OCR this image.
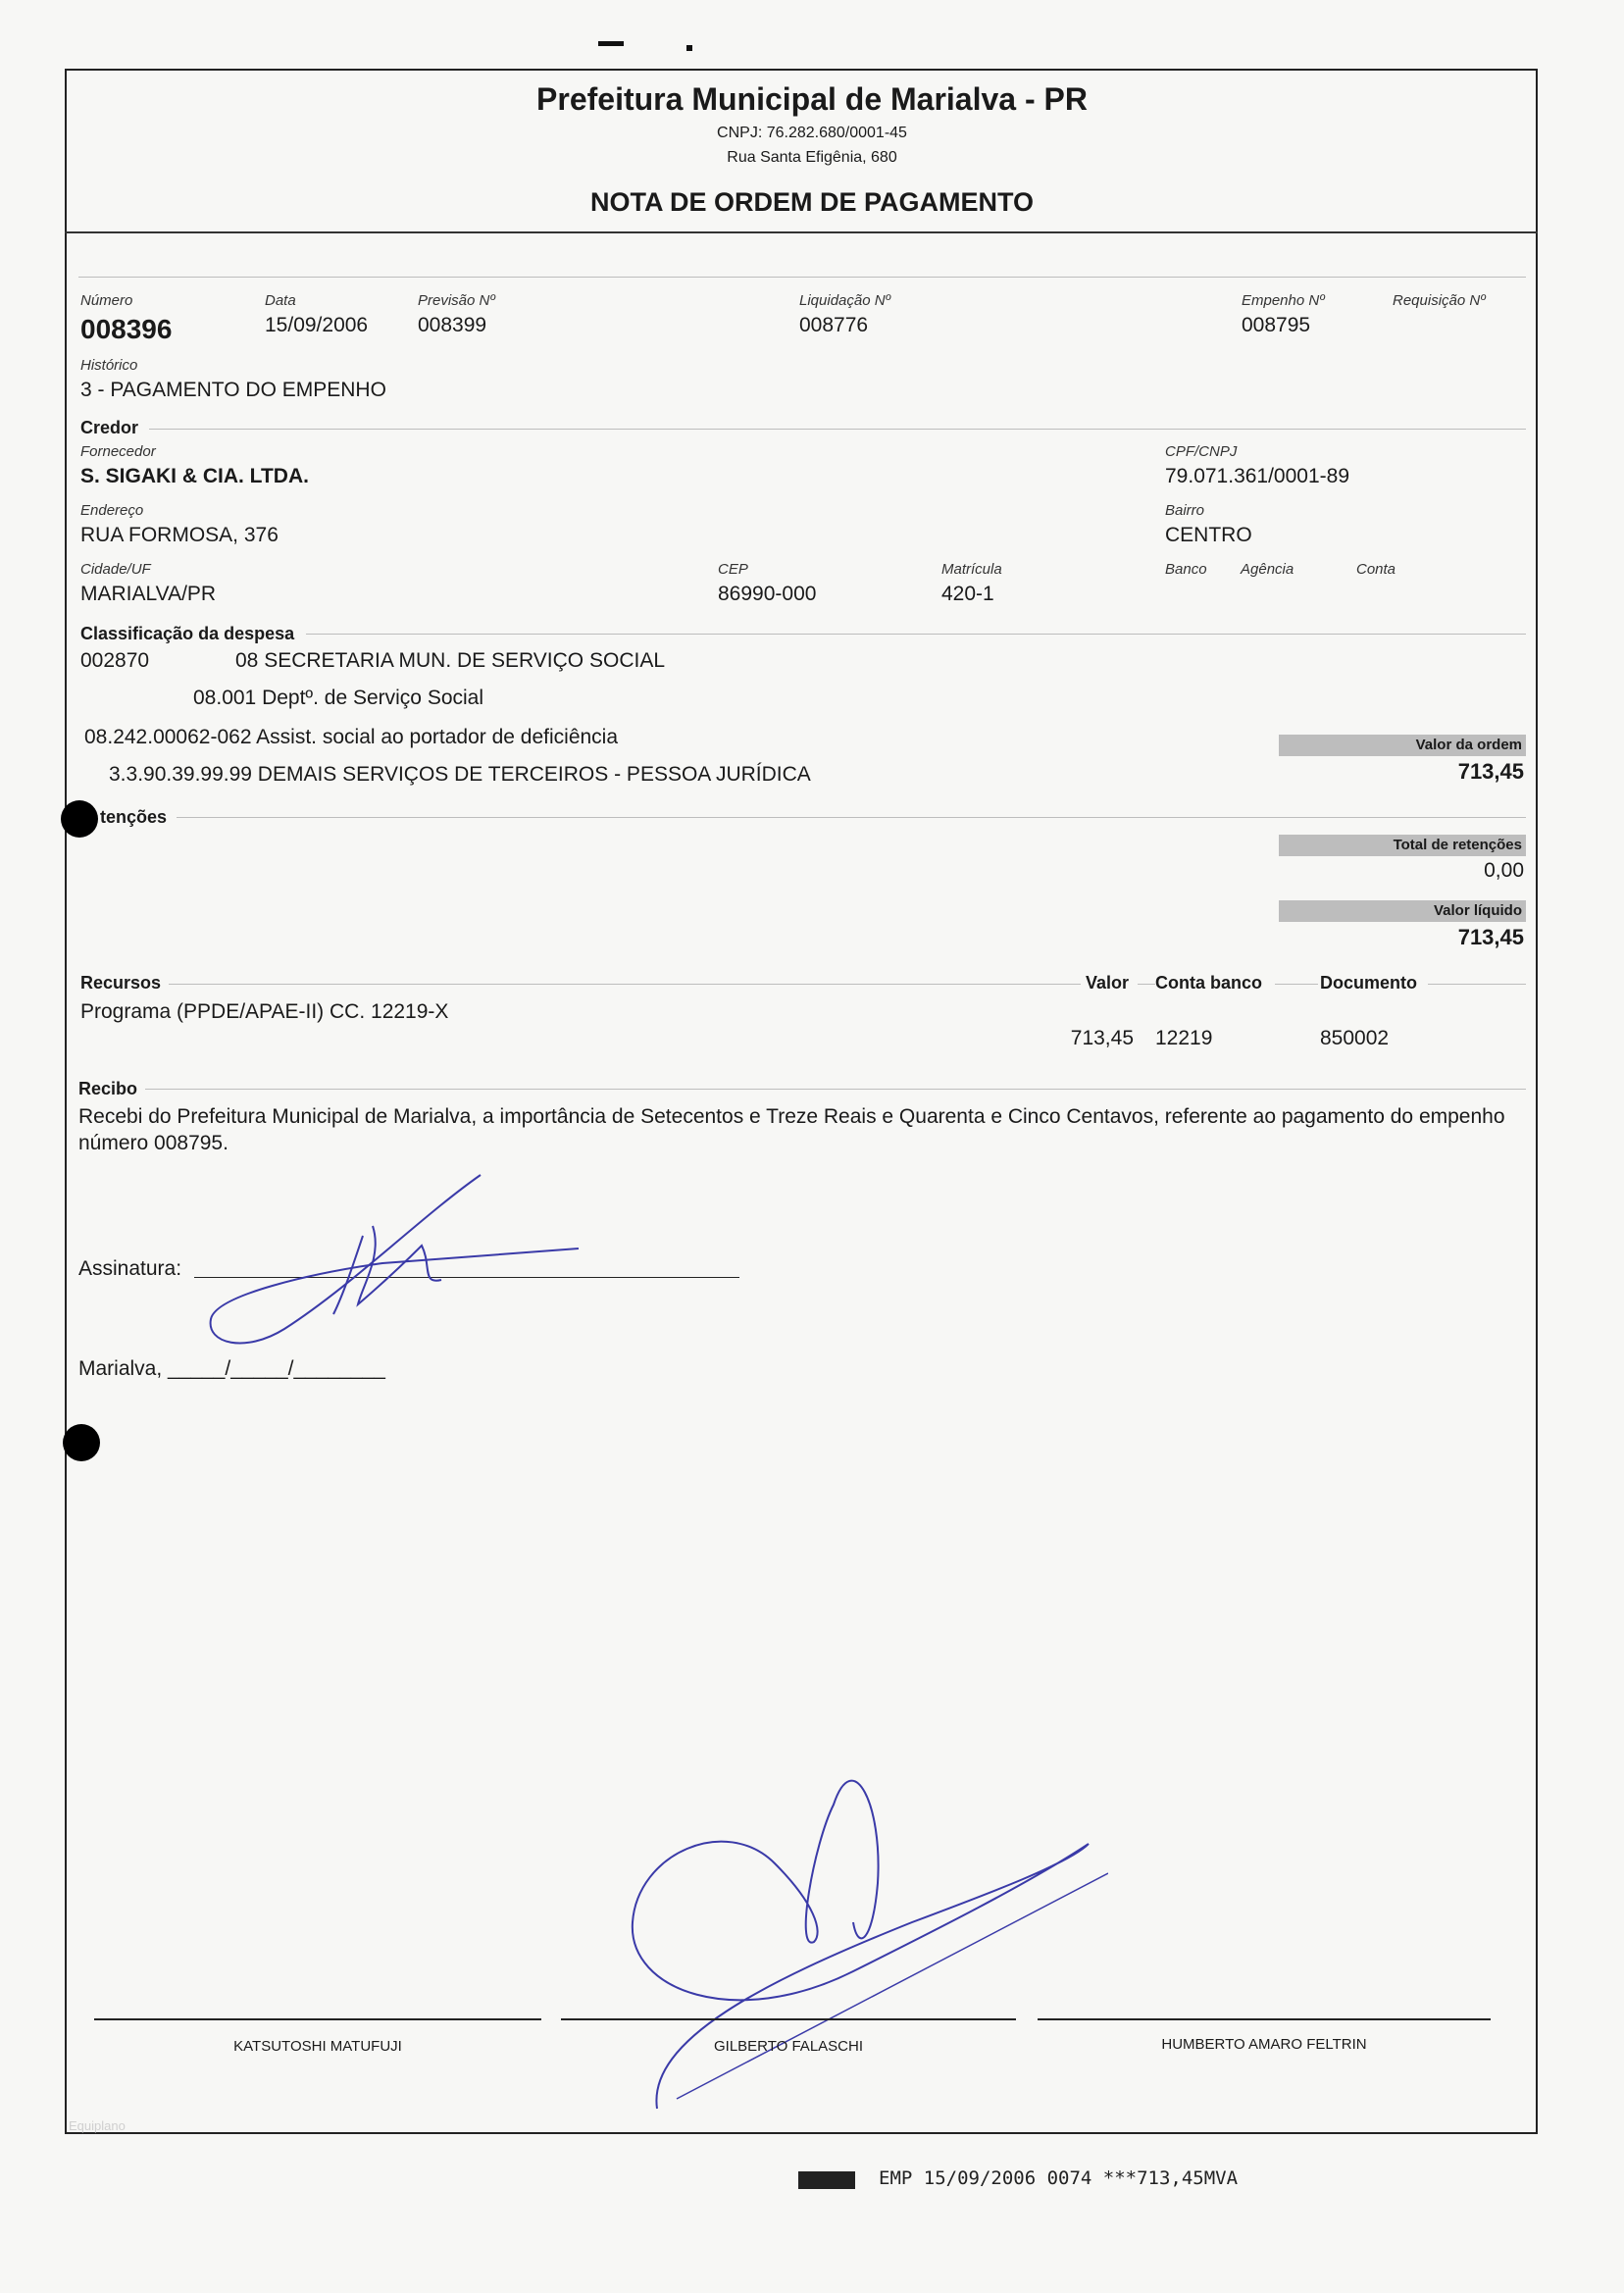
Prefeitura Municipal de Marialva - PR
CNPJ: 76.282.680/0001-45
Rua Santa Efigênia, 680
NOTA DE ORDEM DE PAGAMENTO
Número
008396
Data
15/09/2006
Previsão Nº
008399
Liquidação Nº
008776
Empenho Nº
008795
Requisição Nº
Histórico
3 - PAGAMENTO DO EMPENHO
Credor
Fornecedor
S. SIGAKI & CIA. LTDA.
CPF/CNPJ
79.071.361/0001-89
Endereço
RUA FORMOSA, 376
Bairro
CENTRO
Cidade/UF
MARIALVA/PR
CEP
86990-000
Matrícula
420-1
Banco Agência	Conta
Classificação da despesa
002870	08 SECRETARIA MUN. DE SERVIÇO SOCIAL
08.001 Deptº. de Serviço Social
08.242.00062-062 Assist. social ao portador de deficiência
3.3.90.39.99.99 DEMAIS SERVIÇOS DE TERCEIROS - PESSOA JURÍDICA
Valor da ordem
713,45
tenções
Total de retenções
0,00
Valor líquido
713,45
Recursos	Valor Conta banco	Documento
Programa (PPDE/APAE-II) CC. 12219-X
713,45 12219	850002
Recibo
Recebi do Prefeitura Municipal de Marialva, a importância de Setecentos e Treze Reais e Quarenta e Cinco Centavos, referente ao pagamento do empenho número 008795.
Assinatura:
Marialva, _____/_____/________
KATSUTOSHI MATUFUJI	GILBERTO FALASCHI	HUMBERTO AMARO FELTRIN
Equiplano
EMP 15/09/2006 0074 ***713,45MVA
